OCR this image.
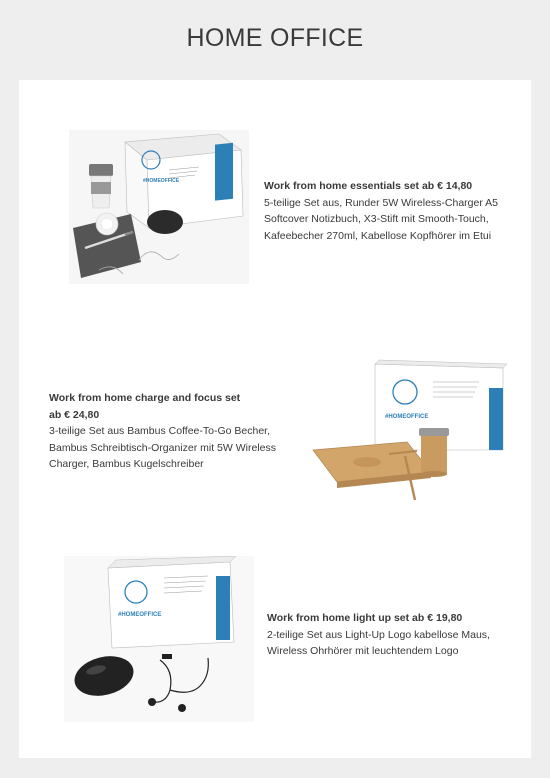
HOME OFFICE
#HOMEOFFICE	Work from home essentials set ab € 14,80

5-teilige Set aus, Runder 5W Wireless-Charger A5

Softcover Notizbuch, X3-Stift mit Smooth-Touch,

Kafeebecher 270ml, Kabellose Kopfhörer im Etui

Work from home charge and focus set

ab € 24,80

3-teilige Set aus Bambus Coffee-To-Go Becher,

Bambus Schreibtisch-Organizer mit 5W Wireless

Charger, Bambus Kugelschreiber

#HOMEOFFICE
#HOMEOFFICE	Work from home light up set ab € 19,80

2-teilige Set aus Light-Up Logo kabellose Maus,

Wireless Ohrhörer mit leuchtendem Logo
